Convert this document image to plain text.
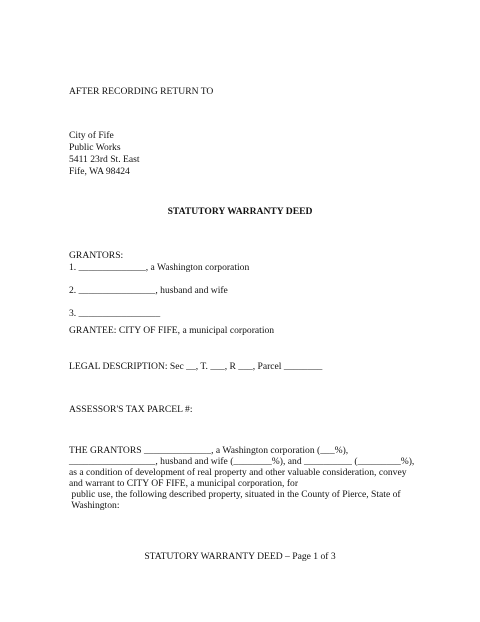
AFTER RECORDING RETURN TO
City of Fife
Public Works
5411 23rd St. East
Fife, WA 98424
STATUTORY WARRANTY DEED
GRANTORS:
1. ______________, a Washington corporation
2. ________________, husband and wife
3. _________________
GRANTEE: CITY OF FIFE, a municipal corporation
LEGAL DESCRIPTION: Sec __, T. ___, R ___, Parcel ________
ASSESSOR'S TAX PARCEL #:
THE GRANTORS ______________, a Washington corporation (___%),
__________________, husband and wife (________%), and __________ (_________%),
as a condition of development of real property and other valuable consideration, convey
and warrant to CITY OF FIFE, a municipal corporation, for
public use, the following described property, situated in the County of Pierce, State of
Washington:
STATUTORY WARRANTY DEED – Page 1 of 3
